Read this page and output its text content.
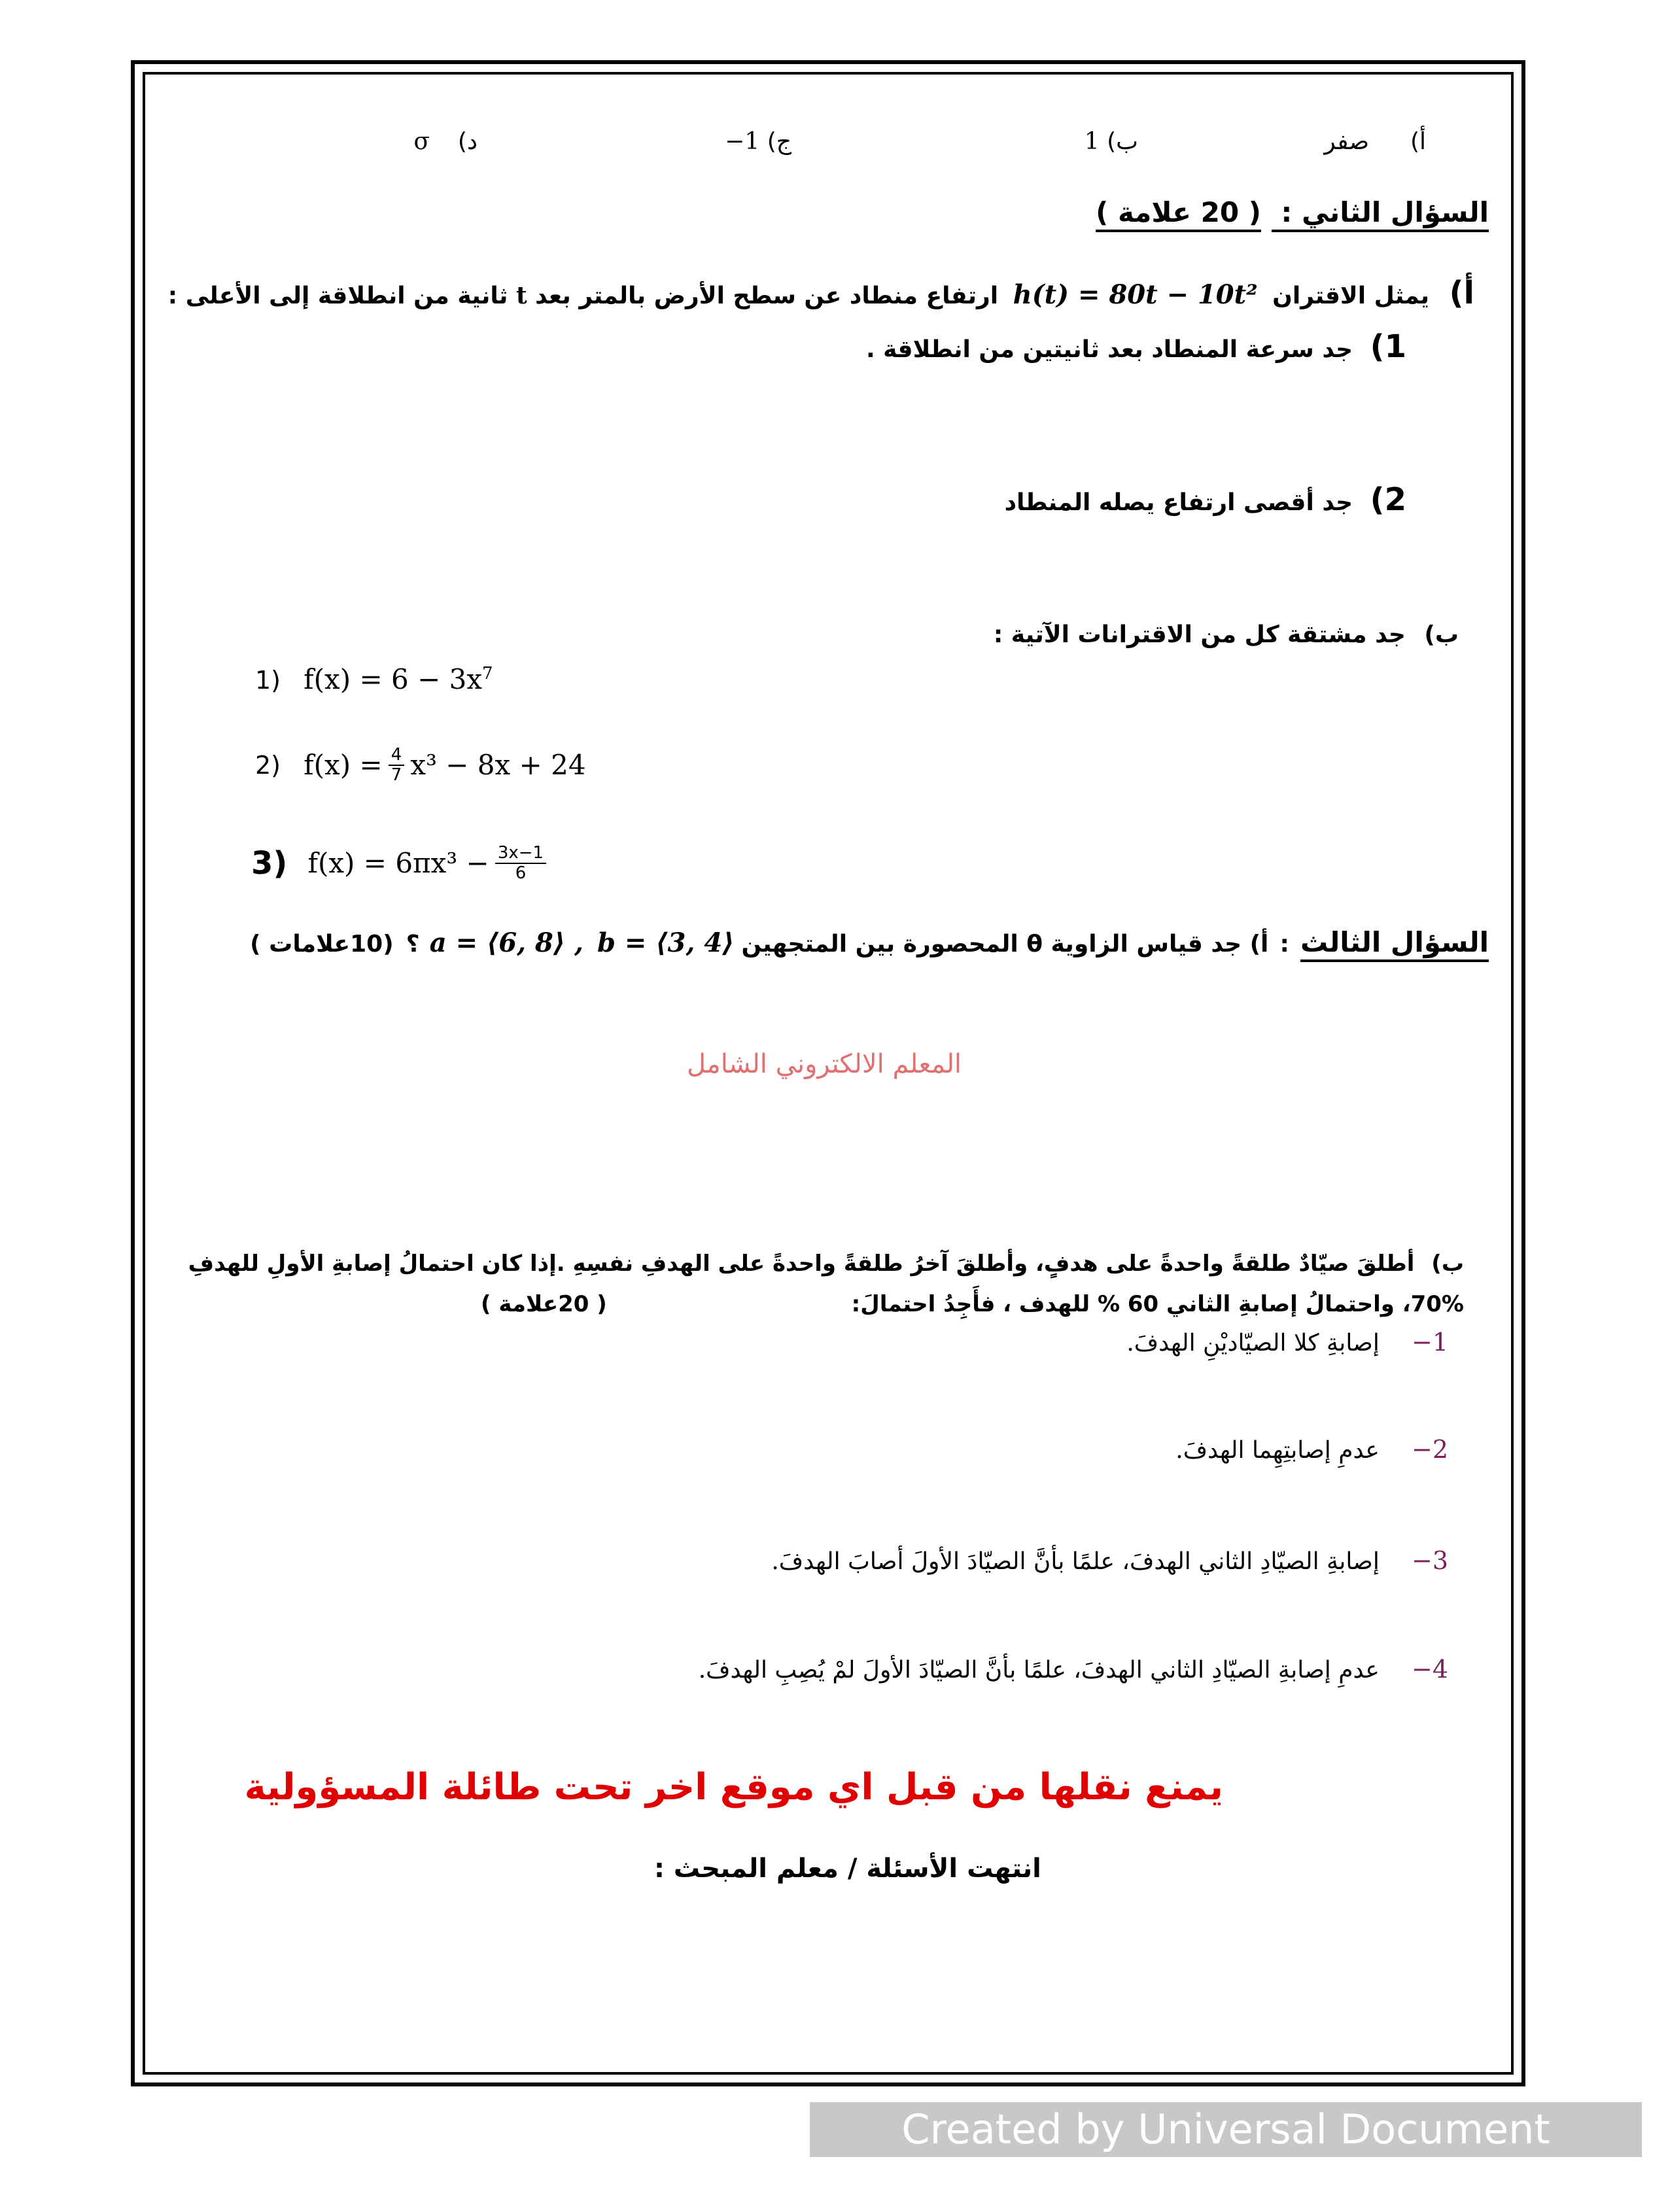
أ)  صفر
ب) 1
ج) −1
د)  σ
السؤال الثاني : ( 20 علامة )
أ) يمثل الاقتران h(t) = 80t − 10t² ارتفاع منطاد عن سطح الأرض بالمتر بعد t ثانية من انطلاقة إلى الأعلى :
1) جد سرعة المنطاد بعد ثانيتين من انطلاقة .
2) جد أقصى ارتفاع يصله المنطاد
ب) جد مشتقة كل من الاقترانات الآتية :
1) $f(x) = 6 - 3x^7$
2) $f(x) = \frac{4}{7} x^3 - 8x + 24$
3) $f(x) = 6\pi x^3 - \frac{3x-1}{6}$
السؤال الثالث : أ) جد قياس الزاوية θ المحصورة بين المتجهين a = ⟨6, 8⟩ , b = ⟨3, 4⟩ ؟ (10علامات )
المعلم الالكتروني الشامل
ب) أطلقَ صيّادٌ طلقةً واحدةً على هدفٍ، وأطلقَ آخرُ طلقةً واحدةً على الهدفِ نفسِهِ .إذا كان احتمالُ إصابةِ الأولِ للهدفِ
70%، واحتمالُ إصابةِ الثاني 60 % للهدف ، فأَجِدُ احتمالَ:
( 20علامة )
1− إصابةِ كلا الصيّاديْنِ الهدفَ.
2− عدمِ إصابتِهِما الهدفَ.
3− إصابةِ الصيّادِ الثاني الهدفَ، علمًا بأنَّ الصيّادَ الأولَ أصابَ الهدفَ.
4− عدمِ إصابةِ الصيّادِ الثاني الهدفَ، علمًا بأنَّ الصيّادَ الأولَ لمْ يُصِبِ الهدفَ.
يمنع نقلها من قبل اي موقع اخر تحت طائلة المسؤولية
انتهت الأسئلة / معلم المبحث :
Created by Universal Document Converter
